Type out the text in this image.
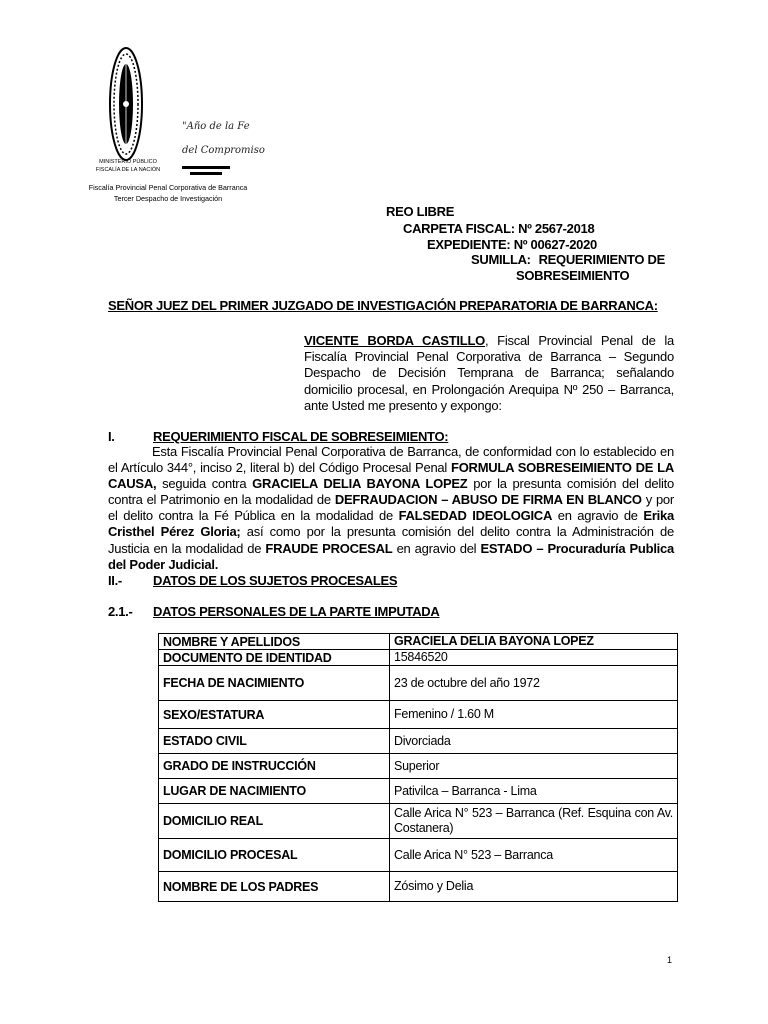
MINISTERIO PÚBLICO
FISCALÍA DE LA NACIÓN
"Año de la Fe
del Compromiso
Fiscalía Provincial Penal Corporativa de Barranca
Tercer Despacho de Investigación
REO LIBRE
CARPETA FISCAL: Nº 2567-2018
EXPEDIENTE: Nº 00627-2020
SUMILLA: REQUERIMIENTO DE
SOBRESEIMIENTO
SEÑOR JUEZ DEL PRIMER JUZGADO DE INVESTIGACIÓN PREPARATORIA DE BARRANCA:
VICENTE BORDA CASTILLO, Fiscal Provincial Penal de la Fiscalía Provincial Penal Corporativa de Barranca – Segundo Despacho de Decisión Temprana de Barranca; señalando domicilio procesal, en Prolongación Arequipa Nº 250 – Barranca, ante Usted me presento y expongo:
I.	REQUERIMIENTO FISCAL DE SOBRESEIMIENTO:
Esta Fiscalía Provincial Penal Corporativa de Barranca, de conformidad con lo establecido en el Artículo 344°, inciso 2, literal b) del Código Procesal Penal FORMULA SOBRESEIMIENTO DE LA CAUSA, seguida contra GRACIELA DELIA BAYONA LOPEZ por la presunta comisión del delito contra el Patrimonio en la modalidad de DEFRAUDACION – ABUSO DE FIRMA EN BLANCO y por el delito contra la Fé Pública en la modalidad de FALSEDAD IDEOLOGICA en agravio de Erika Cristhel Pérez Gloria; así como por la presunta comisión del delito contra la Administración de Justicia en la modalidad de FRAUDE PROCESAL en agravio del ESTADO – Procuraduría Publica del Poder Judicial.
II.- DATOS DE LOS SUJETOS PROCESALES
2.1.- DATOS PERSONALES DE LA PARTE IMPUTADA
NOMBRE Y APELLIDOS	GRACIELA DELIA BAYONA LOPEZ
DOCUMENTO DE IDENTIDAD	15846520
FECHA DE NACIMIENTO	23 de octubre del año 1972
SEXO/ESTATURA	Femenino / 1.60 M
ESTADO CIVIL	Divorciada
GRADO DE INSTRUCCIÓN	Superior
LUGAR DE NACIMIENTO	Pativilca – Barranca - Lima
DOMICILIO REAL	Calle Arica N° 523 – Barranca (Ref. Esquina con Av. Costanera)
DOMICILIO PROCESAL	Calle Arica N° 523 – Barranca
NOMBRE DE LOS PADRES	Zósimo y Delia
1
